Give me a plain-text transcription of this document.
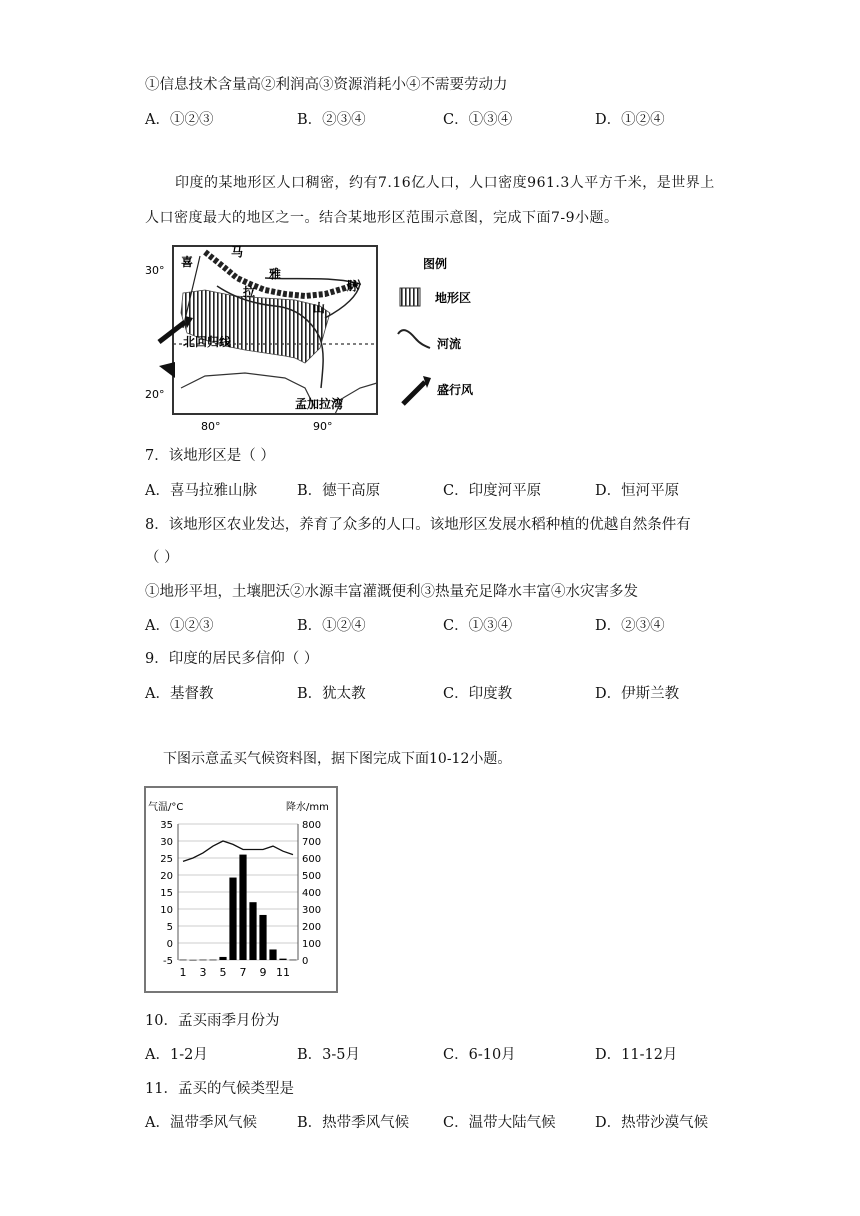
①信息技术含量高②利润高③资源消耗小④不需要劳动力
A．①②③	B．②③④	C．①③④	D．①②④
印度的某地形区人口稠密，约有7.16亿人口，人口密度961.3人平方千米，是世界上人口密度最大的地区之一。结合某地形区范围示意图，完成下面7-9小题。
30°
20°
80°	90°
喜
马
拉
雅
山
脉
北回归线
孟加拉湾
图例
地形区
河流
盛行风
7．该地形区是（ ）
A．喜马拉雅山脉	B．德干高原	C．印度河平原	D．恒河平原
8．该地形区农业发达，养育了众多的人口。该地形区发展水稻种植的优越自然条件有
（ ）
①地形平坦，土壤肥沃②水源丰富灌溉便利③热量充足降水丰富④水灾害多发
A．①②③	B．①②④	C．①③④	D．②③④
9．印度的居民多信仰（ ）
A．基督教	B．犹太教	C．印度教	D．伊斯兰教
下图示意孟买气候资料图，据下图完成下面10-12小题。
气温/°C	降水/mm
35	800
30	700
25	600
20	500
15	400
10	300
5	200
0	100
-5	0
1 3 5 7 9 11
10．孟买雨季月份为
A．1-2月	B．3-5月	C．6-10月	D．11-12月
11．孟买的气候类型是
A．温带季风气候	B．热带季风气候 C．温带大陆气候	D．热带沙漠气候
